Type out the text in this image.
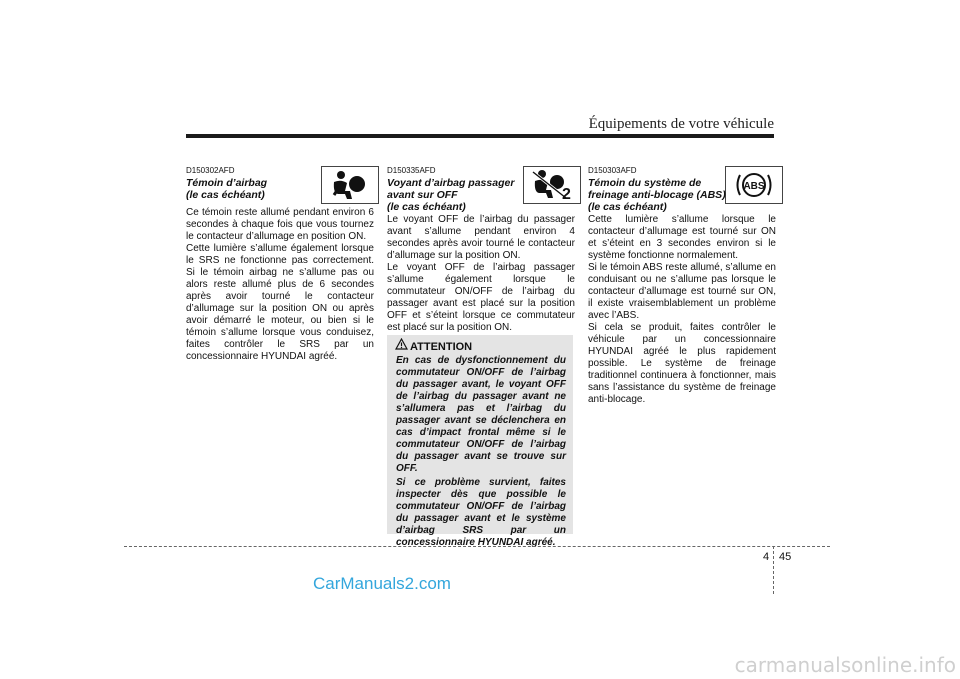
Équipements de votre véhicule
D150302AFD
Témoin d’airbag
(le cas échéant)

Ce témoin reste allumé pendant environ 6 secondes à chaque fois que vous tournez le contacteur d’allumage en position ON.

Cette lumière s’allume également lorsque le SRS ne fonctionne pas correctement. Si le témoin airbag ne s’allume pas ou alors reste allumé plus de 6 secondes après avoir tourné le contacteur d’allumage sur la position ON ou après avoir démarré le moteur, ou bien si le témoin s’allume lorsque vous conduisez, faites contrôler le SRS par un concessionnaire HYUNDAI agréé.

2
D150335AFD
Voyant d’airbag passager
avant sur OFF
(le cas échéant)

Le voyant OFF de l’airbag du passager avant s’allume pendant environ 4 secondes après avoir tourné le contacteur d’allumage sur la position ON.

Le voyant OFF de l’airbag passager s’allume également lorsque le commutateur ON/OFF de l’airbag du passager avant est placé sur la position OFF et s’éteint lorsque ce commutateur est placé sur la position ON.

ATTENTION

En cas de dysfonctionnement du commutateur ON/OFF de l’airbag du passager avant, le voyant OFF de l’airbag du passager avant ne s’allumera pas et l’airbag du passager avant se déclenchera en cas d’impact frontal même si le commutateur ON/OFF de l’airbag du passager avant se trouve sur OFF.

Si ce problème survient, faites inspecter dès que possible le commutateur ON/OFF de l’airbag du passager avant et le système d’airbag SRS par un concessionnaire HYUNDAI agréé.

ABS
D150303AFD
Témoin du système de
freinage anti-blocage (ABS)
(le cas échéant)

Cette lumière s’allume lorsque le contacteur d’allumage est tourné sur ON et s’éteint en 3 secondes environ si le système fonctionne normalement.

Si le témoin ABS reste allumé, s’allume en conduisant ou ne s’allume pas lorsque le contacteur d’allumage est tourné sur ON, il existe vraisemblablement un problème avec l’ABS.

Si cela se produit, faites contrôler le véhicule par un concessionnaire HYUNDAI agréé le plus rapidement possible. Le système de freinage traditionnel continuera à fonctionner, mais sans l’assistance du système de freinage anti-blocage.

4 45
CarManuals2.com
carmanualsonline.info
